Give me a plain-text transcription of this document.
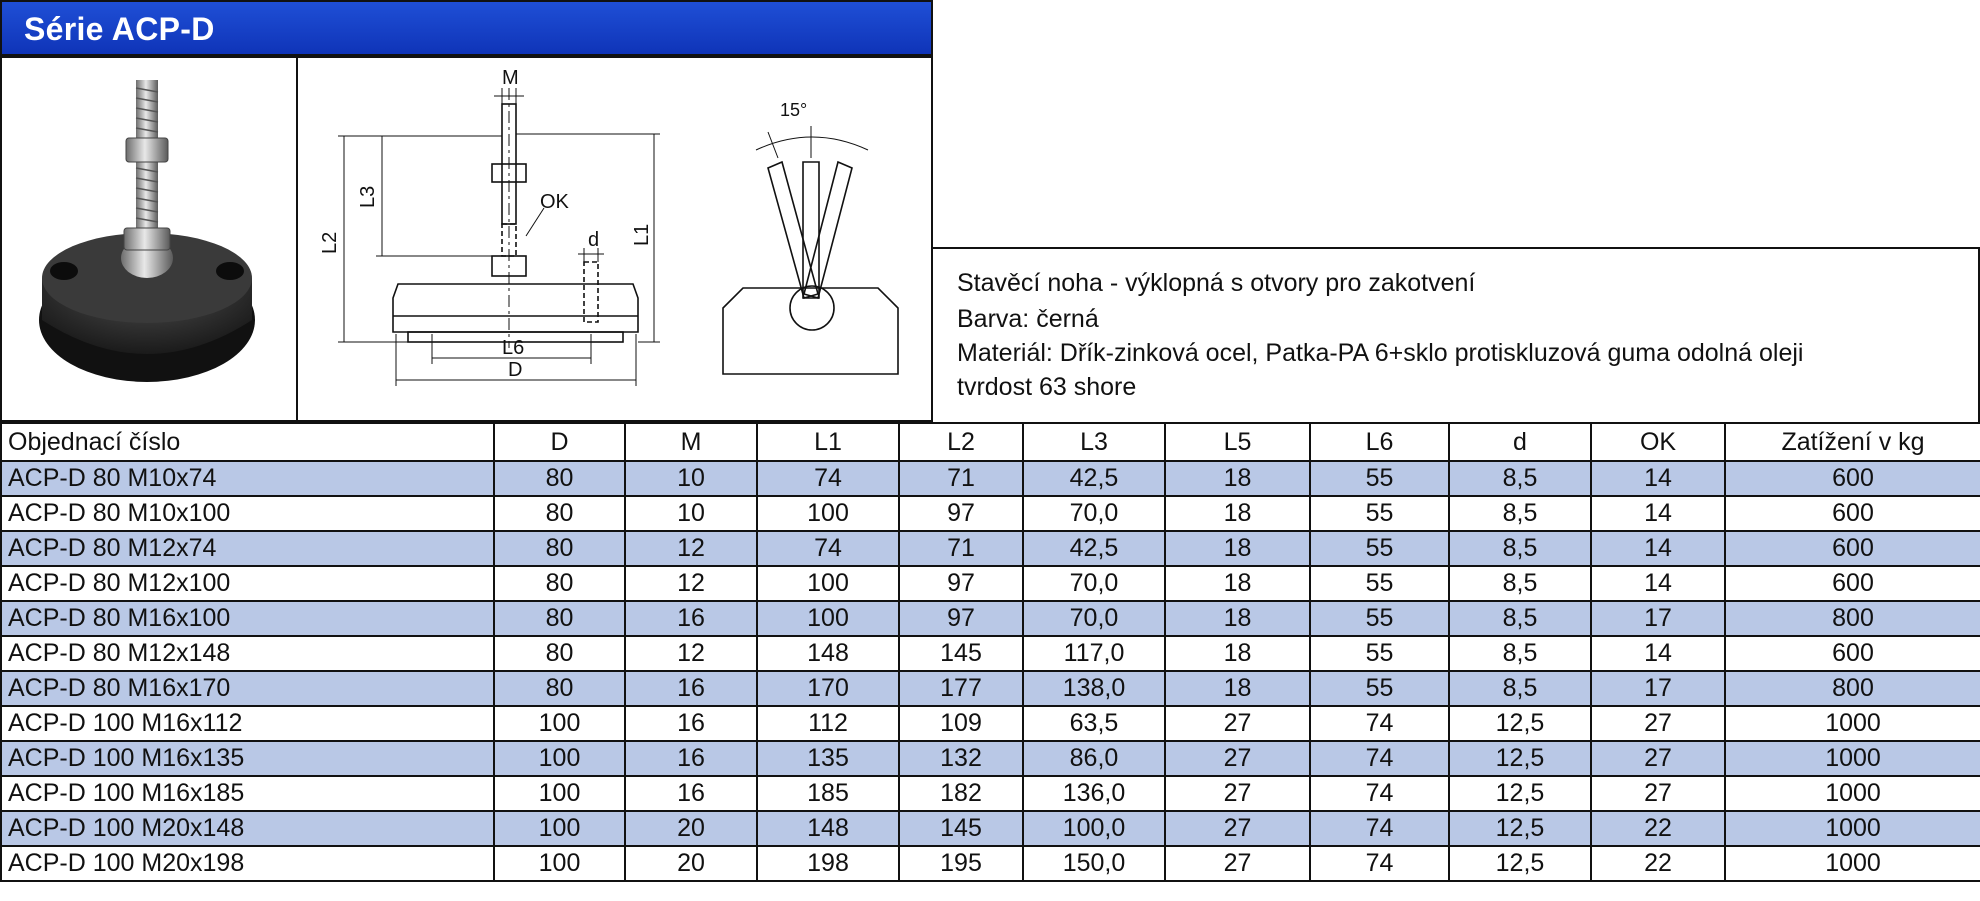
Série ACP-D
M
L3
L2	L1
OK
d
L6
D
15°
Stavěcí noha - výklopná s otvory pro zakotvení
Barva: černá
Materiál: Dřík-zinková ocel, Patka-PA 6+sklo protiskluzová guma odolná oleji
tvrdost 63 shore
Objednací číslo	D	M	L1	L2	L3	L5	L6	d	OK	Zatížení v kg
ACP-D 80 M10x74	80	10	74	71	42,5	18	55	8,5	14	600
ACP-D 80 M10x100	80	10	100	97	70,0	18	55	8,5	14	600
ACP-D 80 M12x74	80	12	74	71	42,5	18	55	8,5	14	600
ACP-D 80 M12x100	80	12	100	97	70,0	18	55	8,5	14	600
ACP-D 80 M16x100	80	16	100	97	70,0	18	55	8,5	17	800
ACP-D 80 M12x148	80	12	148	145	117,0	18	55	8,5	14	600
ACP-D 80 M16x170	80	16	170	177	138,0	18	55	8,5	17	800
ACP-D 100 M16x112	100	16	112	109	63,5	27	74	12,5	27	1000
ACP-D 100 M16x135	100	16	135	132	86,0	27	74	12,5	27	1000
ACP-D 100 M16x185	100	16	185	182	136,0	27	74	12,5	27	1000
ACP-D 100 M20x148	100	20	148	145	100,0	27	74	12,5	22	1000
ACP-D 100 M20x198	100	20	198	195	150,0	27	74	12,5	22	1000
